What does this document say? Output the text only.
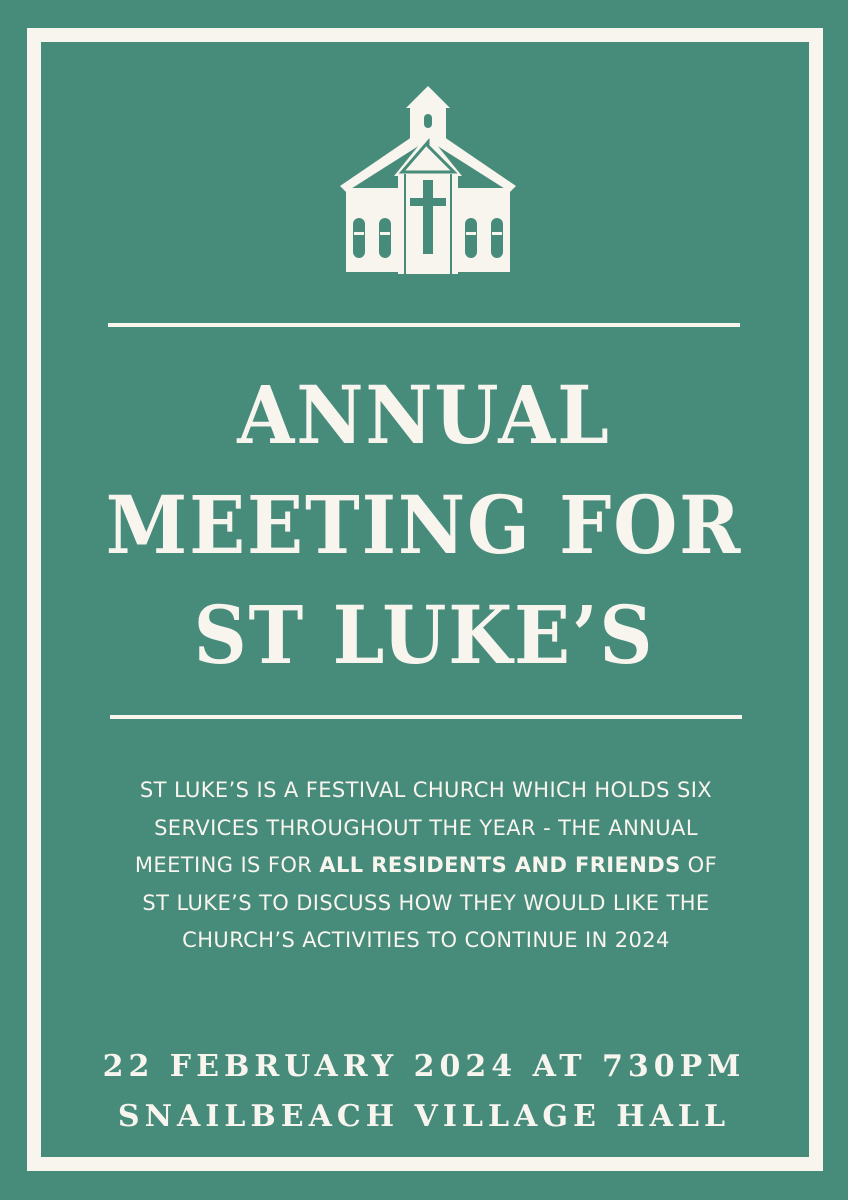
ANNUAL
MEETING FOR
ST LUKE’S
ST LUKE’S IS A FESTIVAL CHURCH WHICH HOLDS SIX
SERVICES THROUGHOUT THE YEAR - THE ANNUAL
MEETING IS FOR ALL RESIDENTS AND FRIENDS OF
ST LUKE’S TO DISCUSS HOW THEY WOULD LIKE THE
CHURCH’S ACTIVITIES TO CONTINUE IN 2024
22 FEBRUARY 2024 AT 730PM
SNAILBEACH VILLAGE HALL
